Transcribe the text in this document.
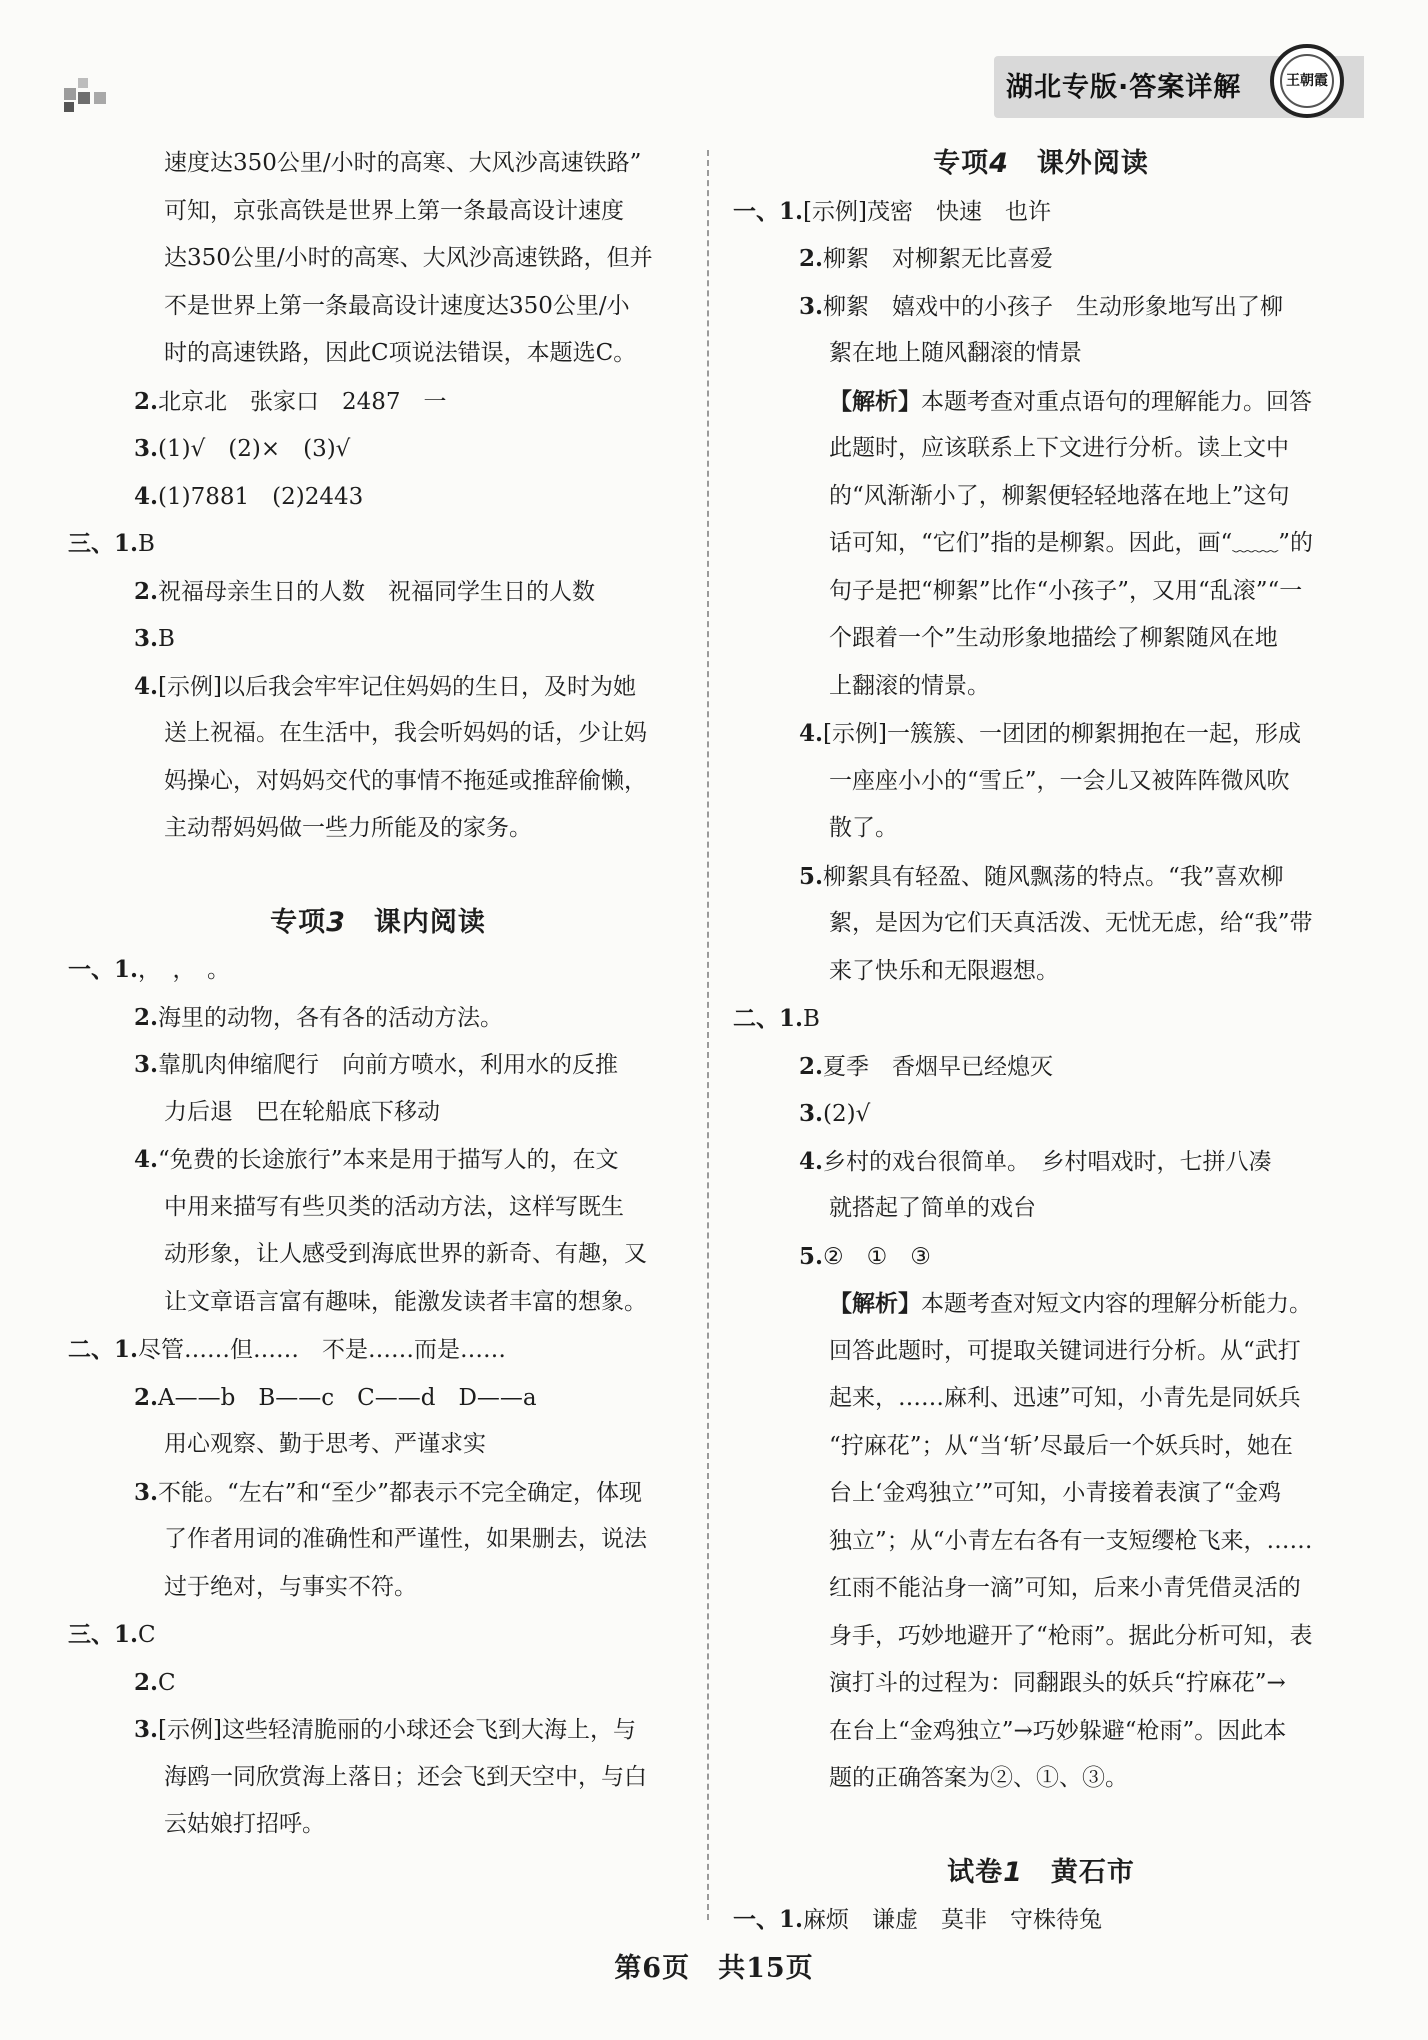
湖北专版·答案详解	王朝霞
速度达350公里/小时的高寒、大风沙高速铁路”
可知，京张高铁是世界上第一条最高设计速度
达350公里/小时的高寒、大风沙高速铁路，但并
不是世界上第一条最高设计速度达350公里/小
时的高速铁路，因此C项说法错误，本题选C。
2.北京北　张家口　2487　一
3.(1)√　(2)×　(3)√
4.(1)7881　(2)2443
三、1.B
2.祝福母亲生日的人数　祝福同学生日的人数
3.B
4.[示例]以后我会牢牢记住妈妈的生日，及时为她
送上祝福。在生活中，我会听妈妈的话，少让妈
妈操心，对妈妈交代的事情不拖延或推辞偷懒，
主动帮妈妈做一些力所能及的家务。
专项3  课内阅读
一、1.，　，　。
2.海里的动物，各有各的活动方法。
3.靠肌肉伸缩爬行　向前方喷水，利用水的反推
力后退　巴在轮船底下移动
4.“免费的长途旅行”本来是用于描写人的，在文
中用来描写有些贝类的活动方法，这样写既生
动形象，让人感受到海底世界的新奇、有趣，又
让文章语言富有趣味，能激发读者丰富的想象。
二、1.尽管……但……　不是……而是……
2.A——b　B——c　C——d　D——a
用心观察、勤于思考、严谨求实
3.不能。“左右”和“至少”都表示不完全确定，体现
了作者用词的准确性和严谨性，如果删去，说法
过于绝对，与事实不符。
三、1.C
2.C
3.[示例]这些轻清脆丽的小球还会飞到大海上，与
海鸥一同欣赏海上落日；还会飞到天空中，与白
云姑娘打招呼。
专项4  课外阅读
一、1.[示例]茂密　快速　也许
2.柳絮　对柳絮无比喜爱
3.柳絮　嬉戏中的小孩子　生动形象地写出了柳
絮在地上随风翻滚的情景
【解析】本题考查对重点语句的理解能力。回答
此题时，应该联系上下文进行分析。读上文中
的“风渐渐小了，柳絮便轻轻地落在地上”这句
话可知，“它们”指的是柳絮。因此，画“﹏﹏”的
句子是把“柳絮”比作“小孩子”，又用“乱滚”“一
个跟着一个”生动形象地描绘了柳絮随风在地
上翻滚的情景。
4.[示例]一簇簇、一团团的柳絮拥抱在一起，形成
一座座小小的“雪丘”，一会儿又被阵阵微风吹
散了。
5.柳絮具有轻盈、随风飘荡的特点。“我”喜欢柳
絮，是因为它们天真活泼、无忧无虑，给“我”带
来了快乐和无限遐想。
二、1.B
2.夏季　香烟早已经熄灭
3.(2)√
4.乡村的戏台很简单。　乡村唱戏时，七拼八凑
就搭起了简单的戏台
5.②　①　③
【解析】本题考查对短文内容的理解分析能力。
回答此题时，可提取关键词进行分析。从“武打
起来，……麻利、迅速”可知，小青先是同妖兵
“拧麻花”；从“当‘斩’尽最后一个妖兵时，她在
台上‘金鸡独立’”可知，小青接着表演了“金鸡
独立”；从“小青左右各有一支短缨枪飞来，……
红雨不能沾身一滴”可知，后来小青凭借灵活的
身手，巧妙地避开了“枪雨”。据此分析可知，表
演打斗的过程为：同翻跟头的妖兵“拧麻花”→
在台上“金鸡独立”→巧妙躲避“枪雨”。因此本
题的正确答案为②、①、③。
试卷1  黄石市
一、1.麻烦　谦虚　莫非　守株待兔
第6页　共15页
